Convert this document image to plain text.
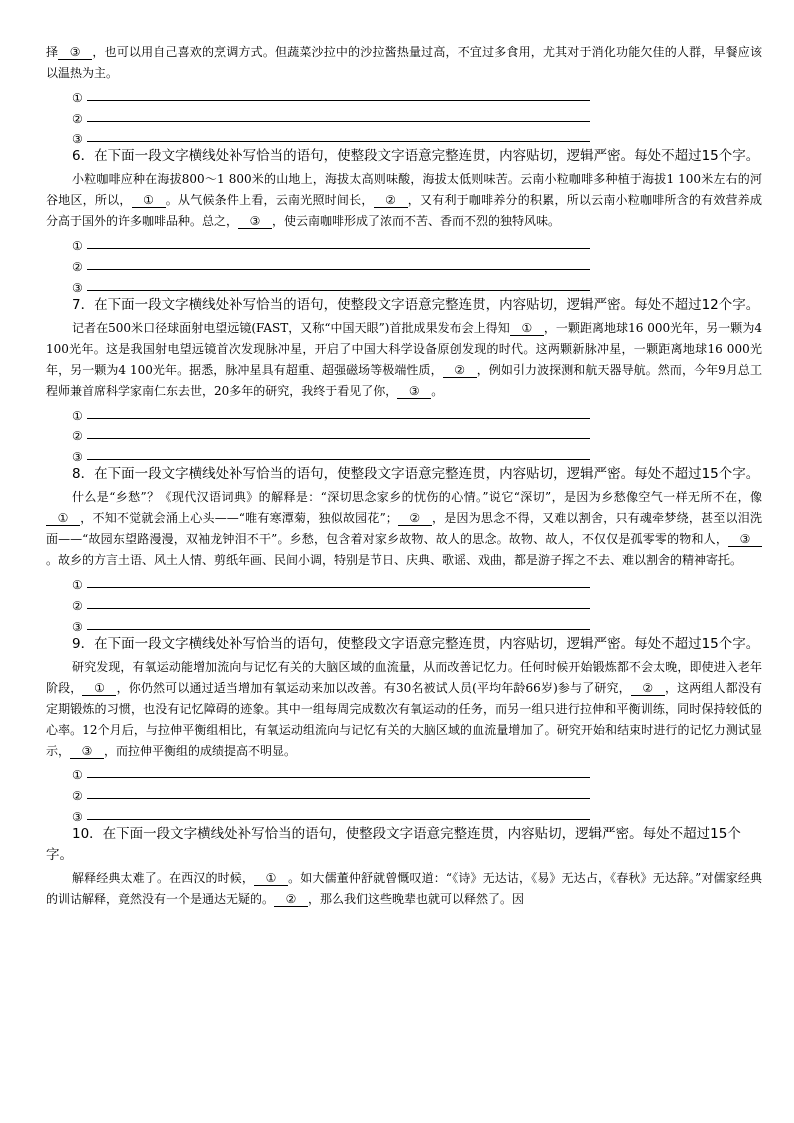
择 ③ ，也可以用自己喜欢的烹调方式。但蔬菜沙拉中的沙拉酱热量过高，不宜过多食用，尤其对于消化功能欠佳的人群，早餐应该以温热为主。

①
②
③

6．在下面一段文字横线处补写恰当的语句，使整段文字语意完整连贯，内容贴切，逻辑严密。每处不超过15个字。

小粒咖啡应种在海拔800～1 800米的山地上，海拔太高则味酸，海拔太低则味苦。云南小粒咖啡多种植于海拔1 100米左右的河谷地区，所以， ① 。从气候条件上看，云南光照时间长， ② ，又有利于咖啡养分的积累，所以云南小粒咖啡所含的有效营养成分高于国外的许多咖啡品种。总之， ③ ，使云南咖啡形成了浓而不苦、香而不烈的独特风味。

①
②
③

7．在下面一段文字横线处补写恰当的语句，使整段文字语意完整连贯，内容贴切，逻辑严密。每处不超过12个字。

记者在500米口径球面射电望远镜(FAST，又称“中国天眼”)首批成果发布会上得知 ① ，一颗距离地球16 000光年，另一颗为4 100光年。这是我国射电望远镜首次发现脉冲星，开启了中国大科学设备原创发现的时代。这两颗新脉冲星，一颗距离地球16 000光年，另一颗为4 100光年。据悉，脉冲星具有超重、超强磁场等极端性质， ② ，例如引力波探测和航天器导航。然而，今年9月总工程师兼首席科学家南仁东去世，20多年的研究，我终于看见了你， ③ 。

①
②
③

8．在下面一段文字横线处补写恰当的语句，使整段文字语意完整连贯，内容贴切，逻辑严密。每处不超过15个字。

什么是“乡愁”？《现代汉语词典》的解释是：“深切思念家乡的忧伤的心情。”说它“深切”，是因为乡愁像空气一样无所不在，像① ，不知不觉就会涌上心头——“唯有寒潭菊，独似故园花”； ② ，是因为思念不得，又难以割舍，只有魂牵梦绕，甚至以泪洗面——“故园东望路漫漫，双袖龙钟泪不干”。乡愁，包含着对家乡故物、故人的思念。故物、故人，不仅仅是孤零零的物和人， ③。故乡的方言土语、风土人情、剪纸年画、民间小调，特别是节日、庆典、歌谣、戏曲，都是游子挥之不去、难以割舍的精神寄托。

①
②
③

9．在下面一段文字横线处补写恰当的语句，使整段文字语意完整连贯，内容贴切，逻辑严密。每处不超过15个字。

研究发现，有氧运动能增加流向与记忆有关的大脑区域的血流量，从而改善记忆力。任何时候开始锻炼都不会太晚，即使进入老年阶段， ① ，你仍然可以通过适当增加有氧运动来加以改善。有30名被试人员(平均年龄66岁)参与了研究， ② ，这两组人都没有定期锻炼的习惯，也没有记忆障碍的迹象。其中一组每周完成数次有氧运动的任务，而另一组只进行拉伸和平衡训练，同时保持较低的心率。12个月后，与拉伸平衡组相比，有氧运动组流向与记忆有关的大脑区域的血流量增加了。研究开始和结束时进行的记忆力测试显示， ③ ，而拉伸平衡组的成绩提高不明显。

①
②
③

10．在下面一段文字横线处补写恰当的语句，使整段文字语意完整连贯，内容贴切，逻辑严密。每处不超过15个字。

解释经典太难了。在西汉的时候， ① 。如大儒董仲舒就曾慨叹道：“《诗》无达诂，《易》无达占，《春秋》无达辞。”对儒家经典的训诂解释，竟然没有一个是通达无疑的。 ② ，那么我们这些晚辈也就可以释然了。因
